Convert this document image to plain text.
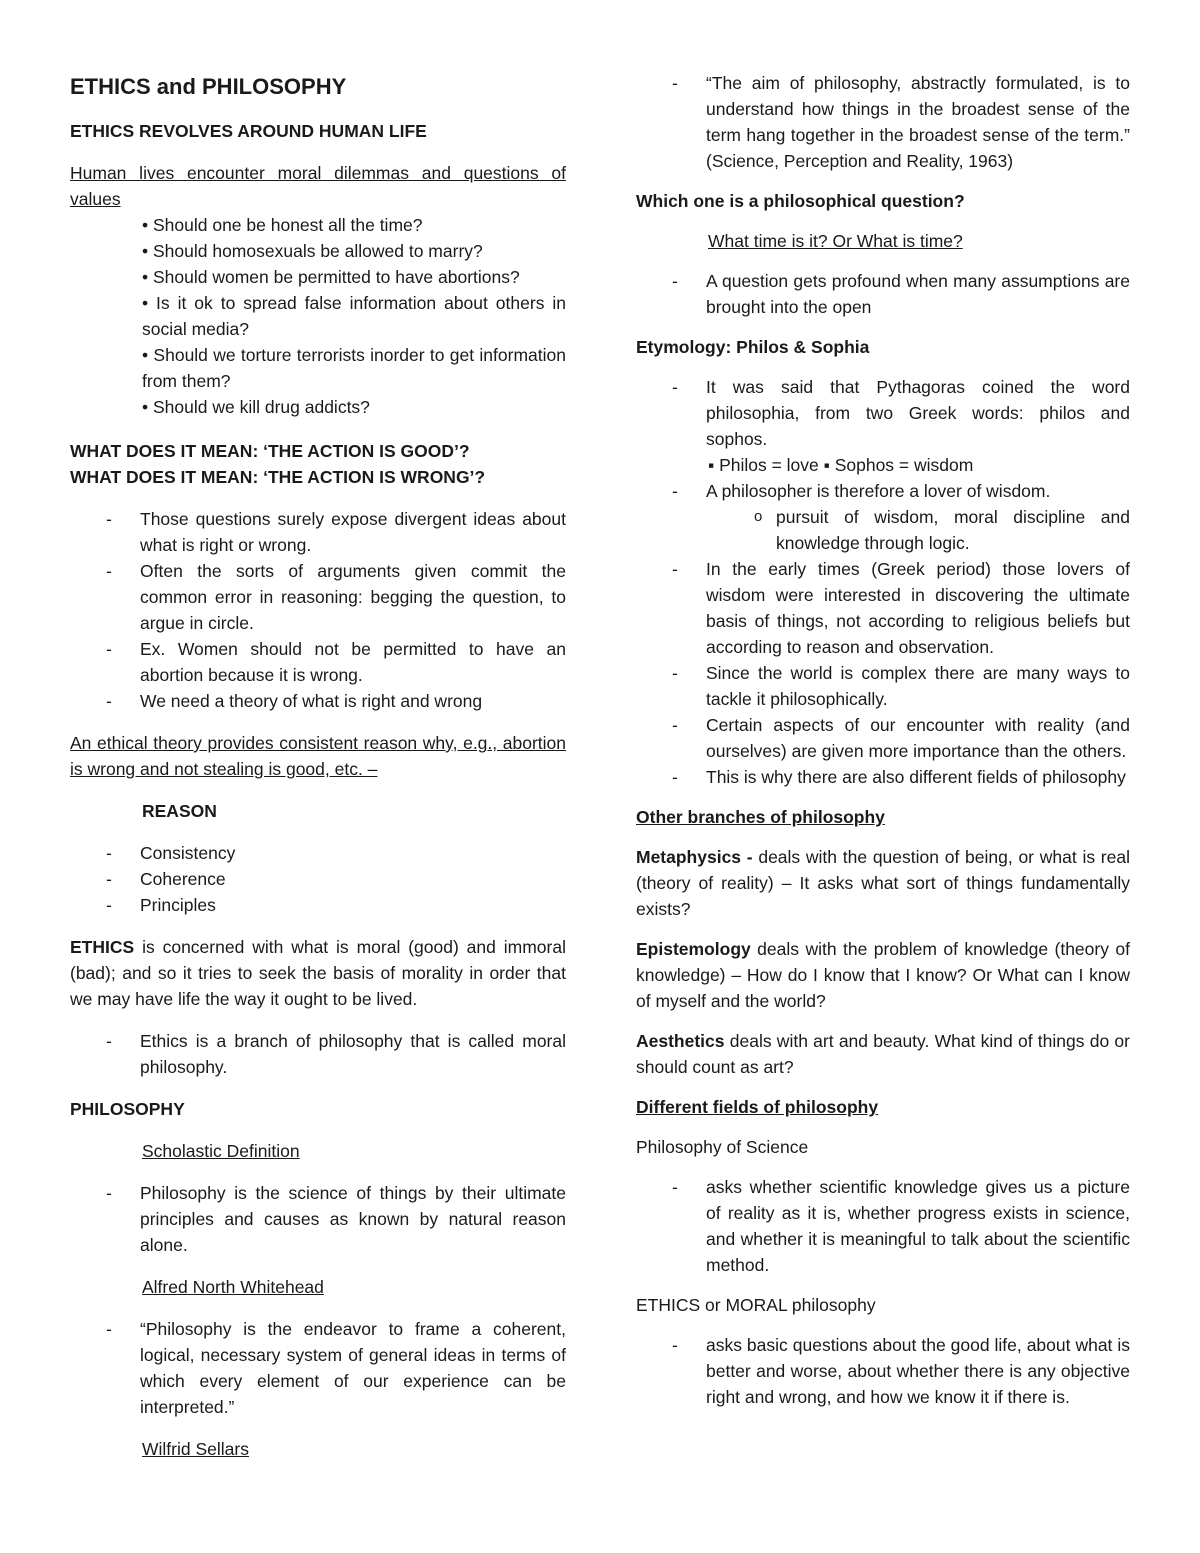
ETHICS and PHILOSOPHY

ETHICS REVOLVES AROUND HUMAN LIFE

Human lives encounter moral dilemmas and questions of values

• Should one be honest all the time?

• Should homosexuals be allowed to marry?

• Should women be permitted to have abortions?

• Is it ok to spread false information about others in social media?

• Should we torture terrorists inorder to get information from them?

• Should we kill drug addicts?

WHAT DOES IT MEAN: ‘THE ACTION IS GOOD’?

WHAT DOES IT MEAN: ‘THE ACTION IS WRONG’?

- Those questions surely expose divergent ideas about what is right or wrong.

- Often the sorts of arguments given commit the common error in reasoning: begging the question, to argue in circle.

- Ex. Women should not be permitted to have an abortion because it is wrong.

- We need a theory of what is right and wrong

An ethical theory provides consistent reason why, e.g., abortion is wrong and not stealing is good, etc. –

REASON

- Consistency

- Coherence

- Principles

ETHICS is concerned with what is moral (good) and immoral (bad); and so it tries to seek the basis of morality in order that we may have life the way it ought to be lived.

- Ethics is a branch of philosophy that is called moral philosophy.

PHILOSOPHY

Scholastic Definition

- Philosophy is the science of things by their ultimate principles and causes as known by natural reason alone.

Alfred North Whitehead

- “Philosophy is the endeavor to frame a coherent, logical, necessary system of general ideas in terms of which every element of our experience can be interpreted.”

Wilfrid Sellars

- “The aim of philosophy, abstractly formulated, is to understand how things in the broadest sense of the term hang together in the broadest sense of the term.” (Science, Perception and Reality, 1963)

Which one is a philosophical question?

What time is it? Or What is time?

- A question gets profound when many assumptions are brought into the open

Etymology: Philos & Sophia

- It was said that Pythagoras coined the word philosophia, from two Greek words: philos and sophos.

▪ Philos = love ▪ Sophos = wisdom

- A philosopher is therefore a lover of wisdom.

o pursuit of wisdom, moral discipline and knowledge through logic.

- In the early times (Greek period) those lovers of wisdom were interested in discovering the ultimate basis of things, not according to religious beliefs but according to reason and observation.

- Since the world is complex there are many ways to tackle it philosophically.

- Certain aspects of our encounter with reality (and ourselves) are given more importance than the others.

- This is why there are also different fields of philosophy

Other branches of philosophy

Metaphysics - deals with the question of being, or what is real (theory of reality) – It asks what sort of things fundamentally exists?

Epistemology deals with the problem of knowledge (theory of knowledge) – How do I know that I know? Or What can I know of myself and the world?

Aesthetics deals with art and beauty. What kind of things do or should count as art?

Different fields of philosophy

Philosophy of Science

- asks whether scientific knowledge gives us a picture of reality as it is, whether progress exists in science, and whether it is meaningful to talk about the scientific method.

ETHICS or MORAL philosophy

- asks basic questions about the good life, about what is better and worse, about whether there is any objective right and wrong, and how we know it if there is.
